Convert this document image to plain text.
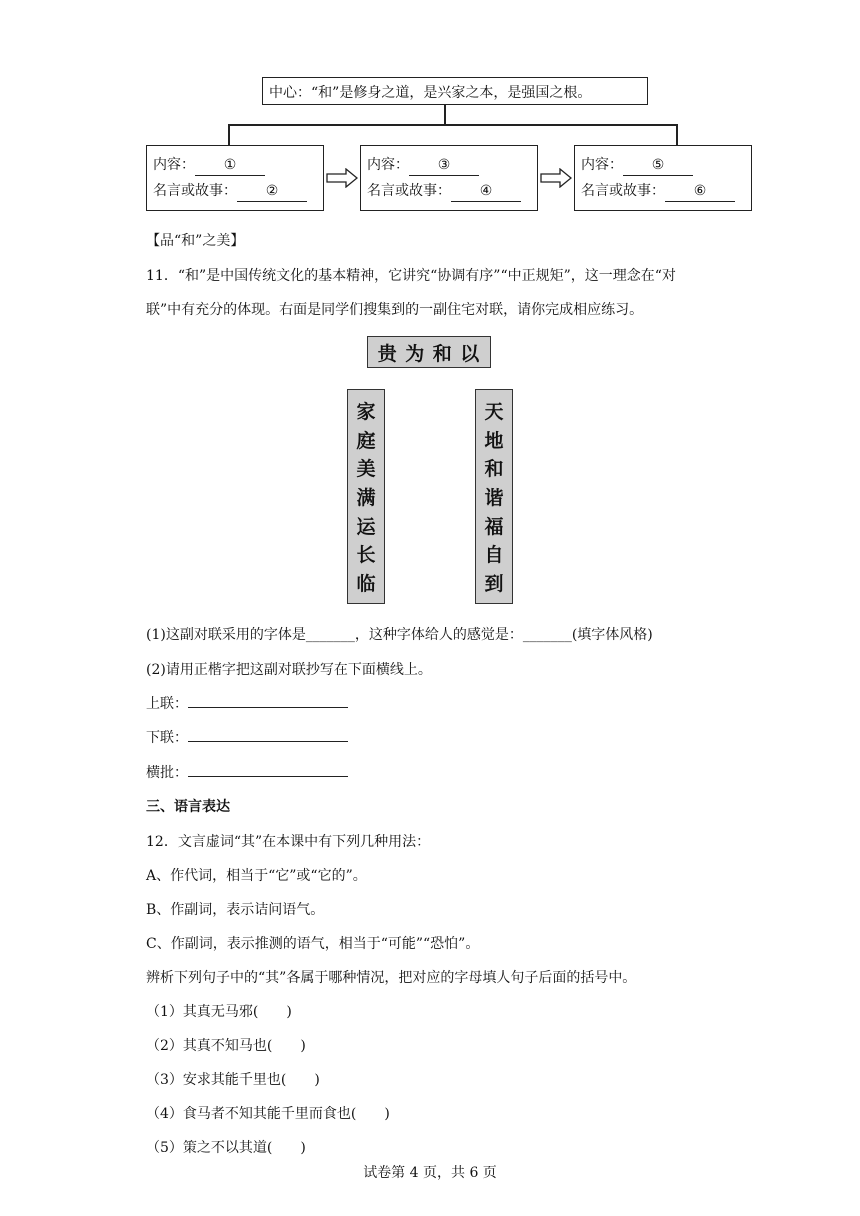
中心：“和”是修身之道，是兴家之本，是强国之根。
内容： ①
名言或故事： ②
内容： ③
名言或故事： ④
内容： ⑤
名言或故事： ⑥
【品“和”之美】
11．“和”是中国传统文化的基本精神，它讲究“协调有序”“中正规矩”，这一理念在“对
联”中有充分的体现。右面是同学们搜集到的一副住宅对联，请你完成相应练习。
贵 为 和 以
家
庭
美
满
运
长
临
天
地
和
谐
福
自
到
(1)这副对联采用的字体是_______，这种字体给人的感觉是：_______(填字体风格)
(2)请用正楷字把这副对联抄写在下面横线上。
上联：
下联：
横批：
三、语言表达
12．文言虚词“其”在本课中有下列几种用法：
A、作代词，相当于“它”或“它的”。
B、作副词，表示诘问语气。
C、作副词，表示推测的语气，相当于“可能”“恐怕”。
辨析下列句子中的“其”各属于哪种情况，把对应的字母填人句子后面的括号中。
（1）其真无马邪(　　)
（2）其真不知马也(　　)
（3）安求其能千里也(　　)
（4）食马者不知其能千里而食也(　　)
（5）策之不以其道(　　)
试卷第 4 页，共 6 页
